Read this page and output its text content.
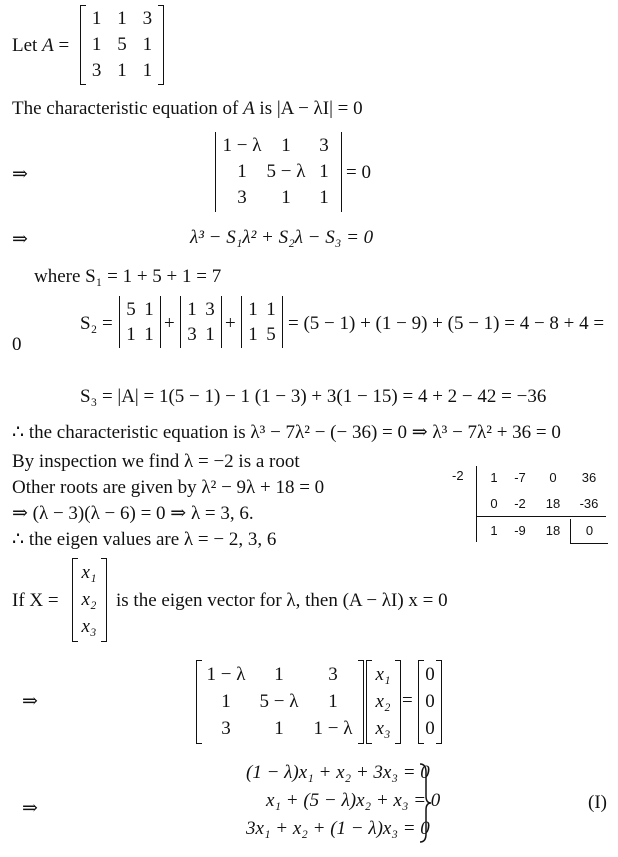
Let A =
1 1 3
1 5 1
3 1 1
The characteristic equation of A is |A − λI| = 0
⇒
1 − λ	1	3
1	5 − λ 1
3	1	1
= 0
⇒	λ³ − S₁λ² + S₂λ − S₃ = 0
where S₁ = 1 + 5 + 1 = 7
S₂ =
5 1
1 1 +
1 3
3 1 +
1 1
1 5 = (5 − 1) + (1 − 9) + (5 − 1) = 4 − 8 + 4 =
0
S₃ = |A| = 1(5 − 1) − 1 (1 − 3) + 3(1 − 15) = 4 + 2 − 42 = −36
∴ the characteristic equation is λ³ − 7λ² − (− 36) = 0 ⇒ λ³ − 7λ² + 36 = 0
By inspection we find λ = −2 is a root
Other roots are given by λ² − 9λ + 18 = 0
⇒ (λ − 3)(λ − 6) = 0 ⇒ λ = 3, 6.
∴ the eigen values are λ = − 2, 3, 6
-2	1	-7	0	36
0	-2	18	-36
1	-9	18	0
If X =
x₁
x₂
x₃
is the eigen vector for λ, then (A − λI) x = 0
⇒
1 − λ	1	3
1	5 − λ	1
3	1	1 − λ
x₁
x₂
x₃
=
0
0
0
⇒
(1 − λ)x₁ + x₂ + 3x₃ = 0
x₁ + (5 − λ)x₂ + x₃ = 0
3x₁ + x₂ + (1 − λ)x₃ = 0
(I)
